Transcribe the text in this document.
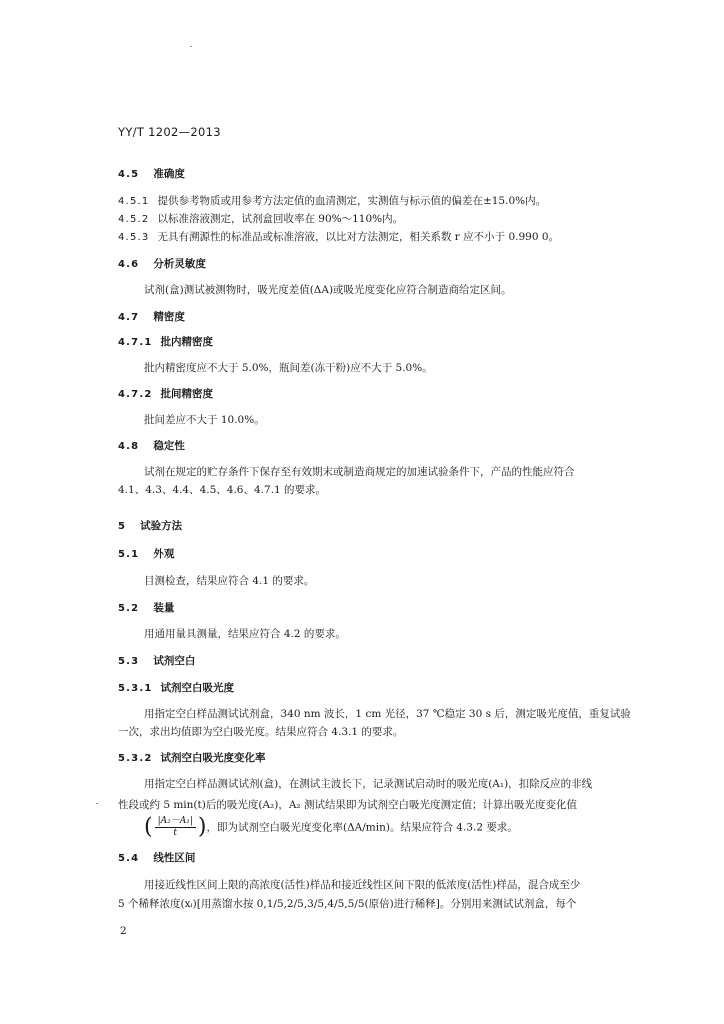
YY/T 1202—2013
4.5 准确度
4.5.1 提供参考物质或用参考方法定值的血清测定，实测值与标示值的偏差在±15.0%内。
4.5.2 以标准溶液测定，试剂盒回收率在 90%～110%内。
4.5.3 无具有溯源性的标准品或标准溶液，以比对方法测定，相关系数 r 应不小于 0.990 0。
4.6 分析灵敏度
试剂(盒)测试被测物时，吸光度差值(ΔA)或吸光度变化应符合制造商给定区间。
4.7 精密度
4.7.1 批内精密度
批内精密度应不大于 5.0%，瓶间差(冻干粉)应不大于 5.0%。
4.7.2 批间精密度
批间差应不大于 10.0%。
4.8 稳定性
试剂在规定的贮存条件下保存至有效期末或制造商规定的加速试验条件下，产品的性能应符合
4.1、4.3、4.4、4.5、4.6、4.7.1 的要求。
5 试验方法
5.1 外观
目测检查，结果应符合 4.1 的要求。
5.2 装量
用通用量具测量，结果应符合 4.2 的要求。
5.3 试剂空白
5.3.1 试剂空白吸光度
用指定空白样品测试试剂盒，340 nm 波长，1 cm 光径，37 ℃稳定 30 s 后，测定吸光度值，重复试验
一次，求出均值即为空白吸光度。结果应符合 4.3.1 的要求。
5.3.2 试剂空白吸光度变化率
用指定空白样品测试试剂(盒)，在测试主波长下，记录测试启动时的吸光度(A₁)，扣除反应的非线
性段或约 5 min(t)后的吸光度(A₂)，A₂ 测试结果即为试剂空白吸光度测定值；计算出吸光度变化值
( $\frac{\text{|A₂－A₁|}}{t}$ )，即为试剂空白吸光度变化率(ΔA/min)。结果应符合 4.3.2 要求。
5.4 线性区间
用接近线性区间上限的高浓度(活性)样品和接近线性区间下限的低浓度(活性)样品，混合成至少
5 个稀释浓度(xᵢ)[用蒸馏水按 0,1/5,2/5,3/5,4/5,5/5(原倍)进行稀释]。分别用来测试试剂盒，每个
2
